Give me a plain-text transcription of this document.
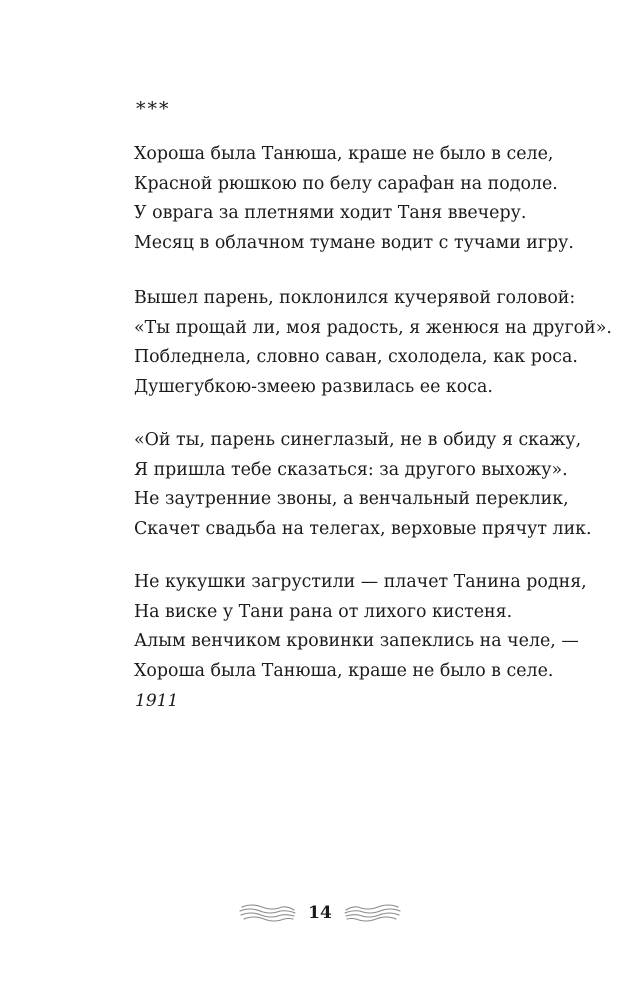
***
Хороша была Танюша, краше не было в селе,
Красной рюшкою по белу сарафан на подоле.
У оврага за плетнями ходит Таня ввечеру.
Месяц в облачном тумане водит с тучами игру.
Вышел парень, поклонился кучерявой головой:
«Ты прощай ли, моя радость, я женюся на другой».
Побледнела, словно саван, схолодела, как роса.
Душегубкою-змеею развилась ее коса.
«Ой ты, парень синеглазый, не в обиду я скажу,
Я пришла тебе сказаться: за другого выхожу».
Не заутренние звоны, а венчальный переклик,
Скачет свадьба на телегах, верховые прячут лик.
Не кукушки загрустили — плачет Танина родня,
На виске у Тани рана от лихого кистеня.
Алым венчиком кровинки запеклись на челе, —
Хороша была Танюша, краше не было в селе.
1911
14
